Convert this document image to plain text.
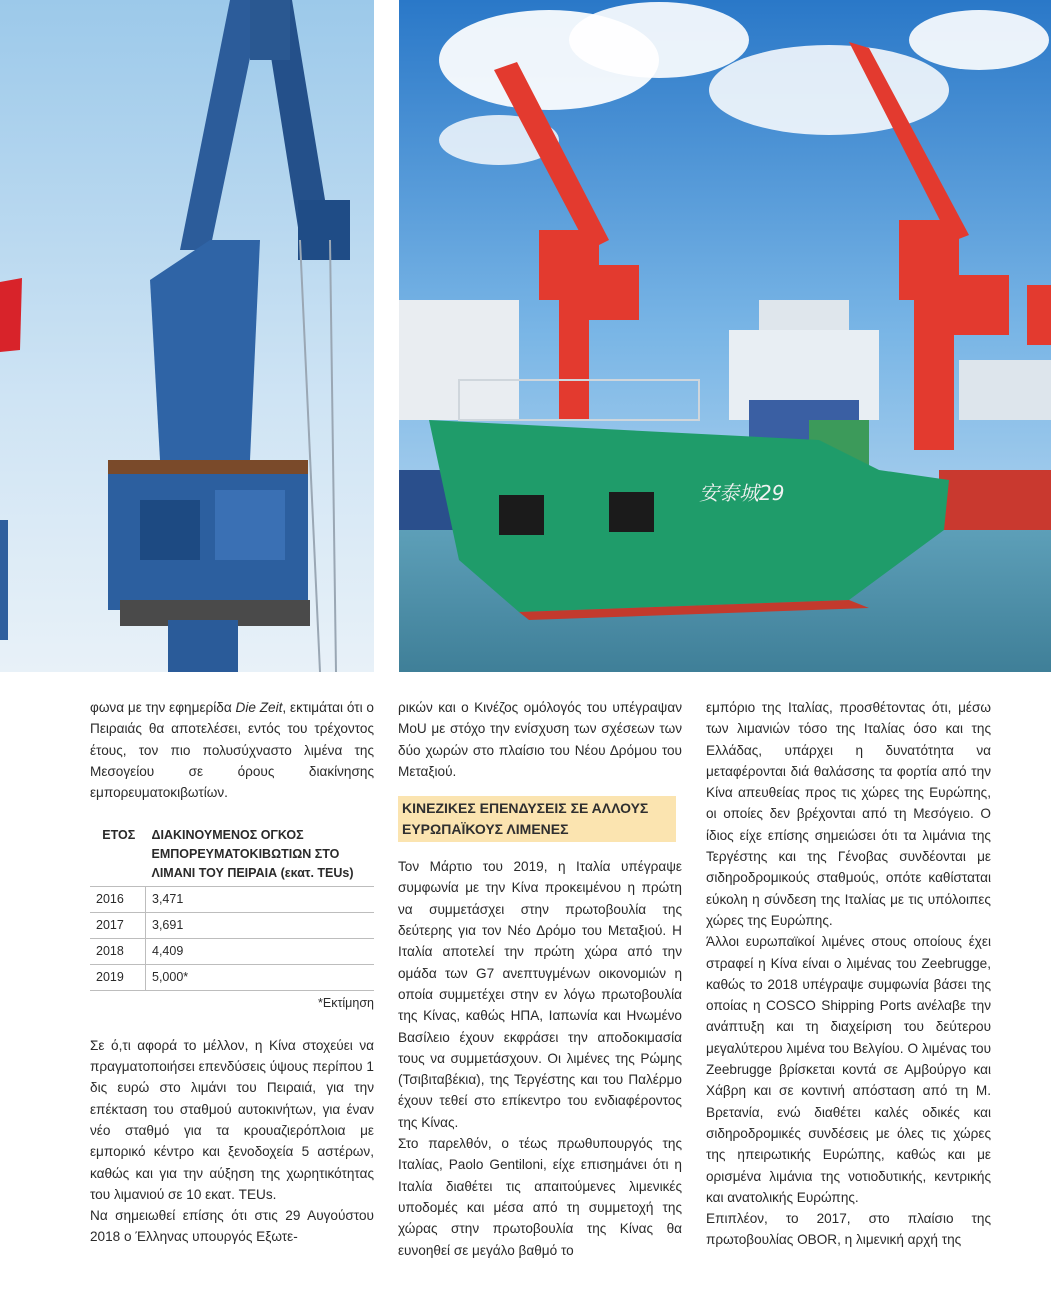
安泰城29

φωνα με την εφημερίδα Die Zeit, εκτιμάται ότι ο Πειραιάς θα αποτελέσει, εντός του τρέχοντος έτους, τον πιο πολυσύχναστο λιμένα της Μεσογείου σε όρους διακίνησης εμπορευματοκιβωτίων.

ΕΤΟΣ	ΔΙΑΚΙΝΟΥΜΕΝΟΣ ΟΓΚΟΣ ΕΜΠΟΡΕΥΜΑΤΟΚΙΒΩΤΙΩΝ ΣΤΟ ΛΙΜΑΝΙ ΤΟΥ ΠΕΙΡΑΙΑ (εκατ. TEUs)
2016	3,471
2017	3,691
2018	4,409
2019	5,000*

*Εκτίμηση

Σε ό,τι αφορά το μέλλον, η Κίνα στοχεύει να πραγματοποιήσει επενδύσεις ύψους περίπου 1 δις ευρώ στο λιμάνι του Πειραιά, για την επέκταση του σταθμού αυτοκινήτων, για έναν νέο σταθμό για τα κρουαζιερόπλοια με εμπορικό κέντρο και ξενοδοχεία 5 αστέρων, καθώς και για την αύξηση της χωρητικότητας του λιμανιού σε 10 εκατ. TEUs.

Να σημειωθεί επίσης ότι στις 29 Αυγούστου 2018 ο Έλληνας υπουργός Εξωτε-

ρικών και ο Κινέζος ομόλογός του υπέγραψαν MoU με στόχο την ενίσχυση των σχέσεων των δύο χωρών στο πλαίσιο του Νέου Δρόμου του Μεταξιού.

ΚΙΝΕΖΙΚΕΣ ΕΠΕΝΔΥΣΕΙΣ ΣΕ ΑΛΛΟΥΣ ΕΥΡΩΠΑΪΚΟΥΣ ΛΙΜΕΝΕΣ

Τον Μάρτιο του 2019, η Ιταλία υπέγραψε συμφωνία με την Κίνα προκειμένου η πρώτη να συμμετάσχει στην πρωτοβουλία της δεύτερης για τον Νέο Δρόμο του Μεταξιού. Η Ιταλία αποτελεί την πρώτη χώρα από την ομάδα των G7 ανεπτυγμένων οικονομιών η οποία συμμετέχει στην εν λόγω πρωτοβουλία της Κίνας, καθώς ΗΠΑ, Ιαπωνία και Ηνωμένο Βασίλειο έχουν εκφράσει την αποδοκιμασία τους να συμμετάσχουν. Οι λιμένες της Ρώμης (Τσιβιταβέκια), της Τεργέστης και του Παλέρμο έχουν τεθεί στο επίκεντρο του ενδιαφέροντος της Κίνας.

Στο παρελθόν, ο τέως πρωθυπουργός της Ιταλίας, Paolo Gentiloni, είχε επισημάνει ότι η Ιταλία διαθέτει τις απαιτούμενες λιμενικές υποδομές και μέσα από τη συμμετοχή της χώρας στην πρωτοβουλία της Κίνας θα ευνοηθεί σε μεγάλο βαθμό το

εμπόριο της Ιταλίας, προσθέτοντας ότι, μέσω των λιμανιών τόσο της Ιταλίας όσο και της Ελλάδας, υπάρχει η δυνατότητα να μεταφέρονται διά θαλάσσης τα φορτία από την Κίνα απευθείας προς τις χώρες της Ευρώπης, οι οποίες δεν βρέχονται από τη Μεσόγειο. Ο ίδιος είχε επίσης σημειώσει ότι τα λιμάνια της Τεργέστης και της Γένοβας συνδέονται με σιδηροδρομικούς σταθμούς, οπότε καθίσταται εύκολη η σύνδεση της Ιταλίας με τις υπόλοιπες χώρες της Ευρώπης.

Άλλοι ευρωπαϊκοί λιμένες στους οποίους έχει στραφεί η Κίνα είναι ο λιμένας του Zeebrugge, καθώς το 2018 υπέγραψε συμφωνία βάσει της οποίας η COSCO Shipping Ports ανέλαβε την ανάπτυξη και τη διαχείριση του δεύτερου μεγαλύτερου λιμένα του Βελγίου. Ο λιμένας του Zeebrugge βρίσκεται κοντά σε Αμβούργο και Χάβρη και σε κοντινή απόσταση από τη Μ. Βρετανία, ενώ διαθέτει καλές οδικές και σιδηροδρομικές συνδέσεις με όλες τις χώρες της ηπειρωτικής Ευρώπης, καθώς και με ορισμένα λιμάνια της νοτιοδυτικής, κεντρικής και ανατολικής Ευρώπης.

Επιπλέον, το 2017, στο πλαίσιο της πρωτοβουλίας OBOR, η λιμενική αρχή της
